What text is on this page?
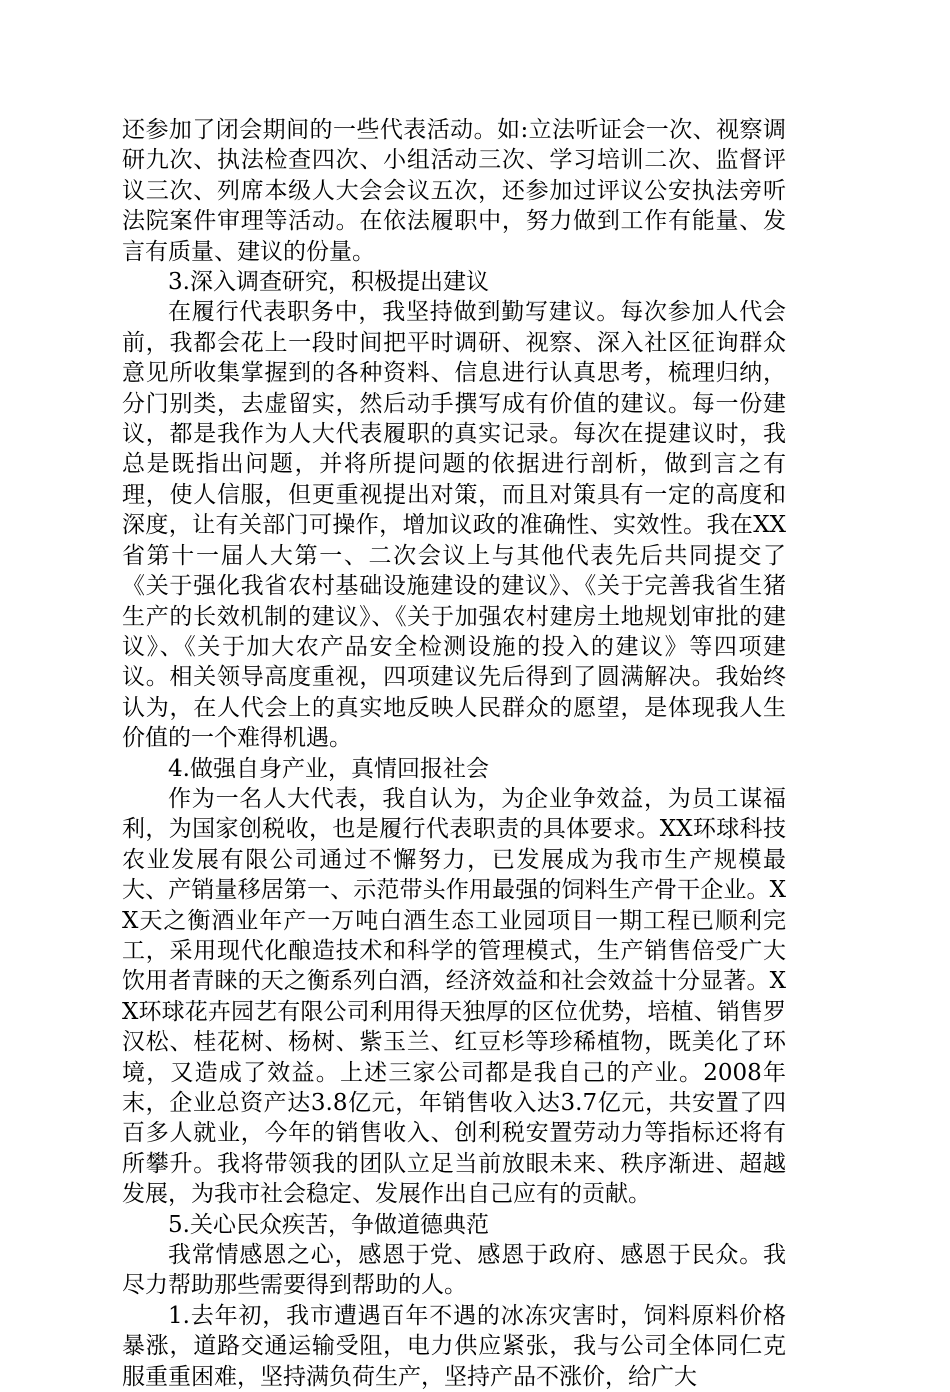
还参加了闭会期间的一些代表活动。如:立法听证会一次、视察调研九次、执法检查四次、小组活动三次、学习培训二次、监督评议三次、列席本级人大会会议五次，还参加过评议公安执法旁听法院案件审理等活动。在依法履职中，努力做到工作有能量、发言有质量、建议的份量。

3.深入调查研究，积极提出建议

在履行代表职务中，我坚持做到勤写建议。每次参加人代会前，我都会花上一段时间把平时调研、视察、深入社区征询群众意见所收集掌握到的各种资料、信息进行认真思考，梳理归纳，分门别类，去虚留实，然后动手撰写成有价值的建议。每一份建议，都是我作为人大代表履职的真实记录。每次在提建议时，我总是既指出问题，并将所提问题的依据进行剖析，做到言之有理，使人信服，但更重视提出对策，而且对策具有一定的高度和深度，让有关部门可操作，增加议政的准确性、实效性。我在XX省第十一届人大第一、二次会议上与其他代表先后共同提交了《关于强化我省农村基础设施建设的建议》、《关于完善我省生猪生产的长效机制的建议》、《关于加强农村建房土地规划审批的建议》、《关于加大农产品安全检测设施的投入的建议》等四项建议。相关领导高度重视，四项建议先后得到了圆满解决。我始终认为，在人代会上的真实地反映人民群众的愿望，是体现我人生价值的一个难得机遇。

4.做强自身产业，真情回报社会

作为一名人大代表，我自认为，为企业争效益，为员工谋福利，为国家创税收，也是履行代表职责的具体要求。XX环球科技农业发展有限公司通过不懈努力，已发展成为我市生产规模最大、产销量移居第一、示范带头作用最强的饲料生产骨干企业。XX天之衡酒业年产一万吨白酒生态工业园项目一期工程已顺利完工，采用现代化酿造技术和科学的管理模式，生产销售倍受广大饮用者青睐的天之衡系列白酒，经济效益和社会效益十分显著。XX环球花卉园艺有限公司利用得天独厚的区位优势，培植、销售罗汉松、桂花树、杨树、紫玉兰、红豆杉等珍稀植物，既美化了环境，又造成了效益。上述三家公司都是我自己的产业。2008年末，企业总资产达3.8亿元，年销售收入达3.7亿元，共安置了四百多人就业，今年的销售收入、创利税安置劳动力等指标还将有所攀升。我将带领我的团队立足当前放眼未来、秩序渐进、超越发展，为我市社会稳定、发展作出自己应有的贡献。

5.关心民众疾苦，争做道德典范

我常情感恩之心，感恩于党、感恩于政府、感恩于民众。我尽力帮助那些需要得到帮助的人。

1.去年初，我市遭遇百年不遇的冰冻灾害时，饲料原料价格暴涨，道路交通运输受阻，电力供应紧张，我与公司全体同仁克服重重困难，坚持满负荷生产，坚持产品不涨价，给广大
